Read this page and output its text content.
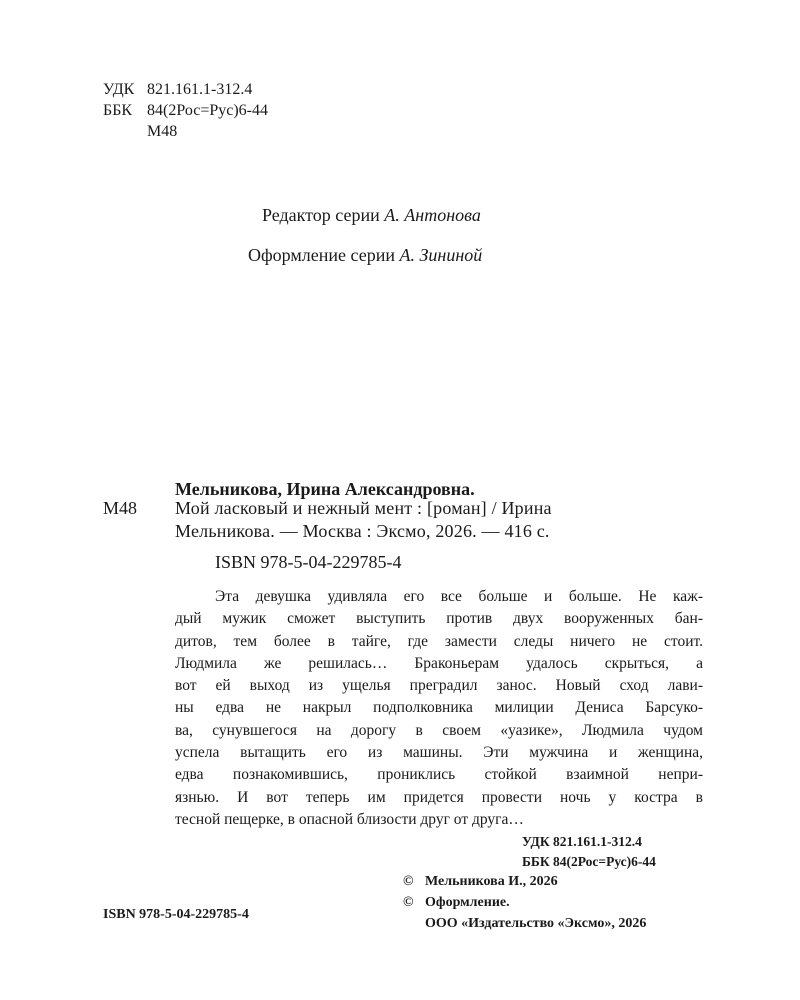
УДК 821.161.1-312.4
ББК 84(2Рос=Рус)6-44
М48
Редактор серии А. Антонова
Оформление серии А. Зининой
М48
Мельникова, Ирина Александровна.
Мой ласковый и нежный мент : [роман] / Ирина
Мельникова. — Москва : Эксмо, 2026. — 416 с.
ISBN 978-5-04-229785-4
Эта девушка удивляла его все больше и больше. Не каж-
дый мужик сможет выступить против двух вооруженных бан-
дитов, тем более в тайге, где замести следы ничего не стоит.
Людмила же решилась… Браконьерам удалось скрыться, а
вот ей выход из ущелья преградил занос. Новый сход лави-
ны едва не накрыл подполковника милиции Дениса Барсуко-
ва, сунувшегося на дорогу в своем «уазике», Людмила чудом
успела вытащить его из машины. Эти мужчина и женщина,
едва познакомившись, прониклись стойкой взаимной непри-
язнью. И вот теперь им придется провести ночь у костра в
тесной пещерке, в опасной близости друг от друга…
УДК 821.161.1-312.4
ББК 84(2Рос=Рус)6-44
© Мельникова И., 2026
© Оформление.
ООО «Издательство «Эксмо», 2026
ISBN 978-5-04-229785-4
